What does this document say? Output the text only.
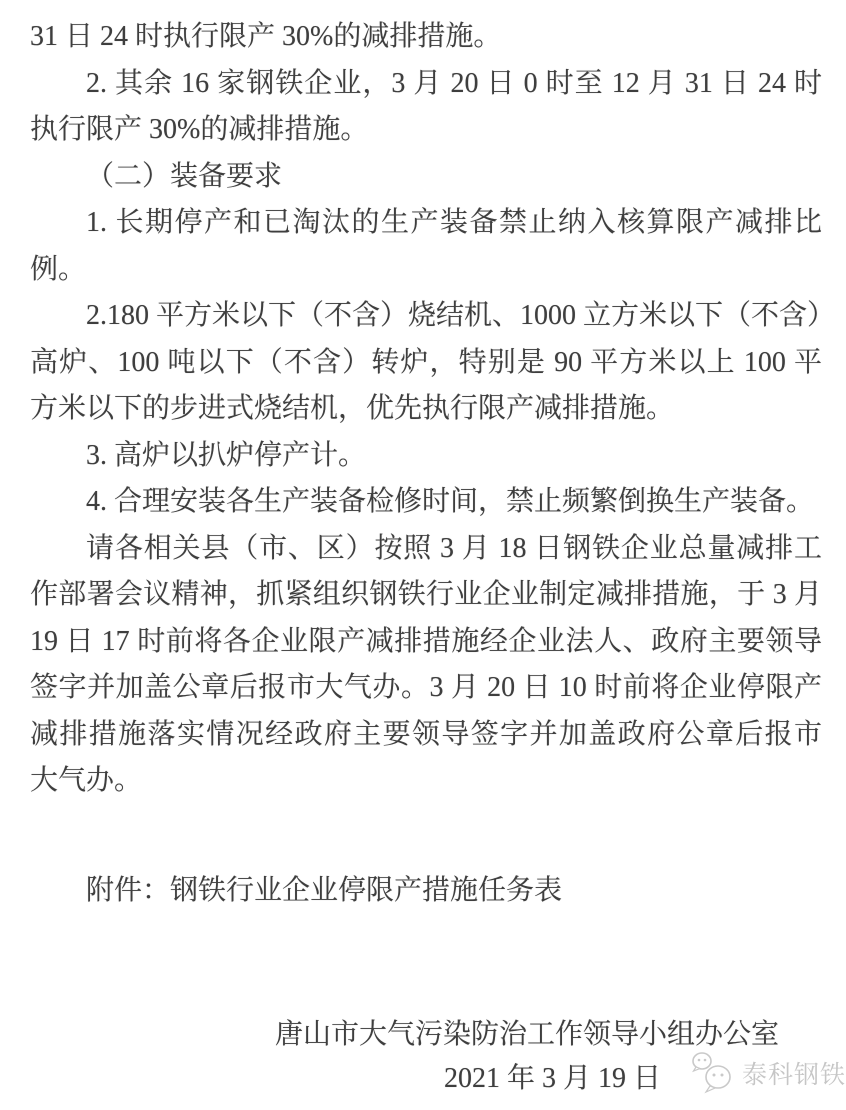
31 日 24 时执行限产 30%的减排措施。
2. 其余 16 家钢铁企业，3 月 20 日 0 时至 12 月 31 日 24 时
执行限产 30%的减排措施。
（二）装备要求
1. 长期停产和已淘汰的生产装备禁止纳入核算限产减排比
例。
2.180 平方米以下（不含）烧结机、1000 立方米以下（不含）
高炉、100 吨以下（不含）转炉，特别是 90 平方米以上 100 平
方米以下的步进式烧结机，优先执行限产减排措施。
3. 高炉以扒炉停产计。
4. 合理安装各生产装备检修时间，禁止频繁倒换生产装备。
请各相关县（市、区）按照 3 月 18 日钢铁企业总量减排工
作部署会议精神，抓紧组织钢铁行业企业制定减排措施，于 3 月
19 日 17 时前将各企业限产减排措施经企业法人、政府主要领导
签字并加盖公章后报市大气办。3 月 20 日 10 时前将企业停限产
减排措施落实情况经政府主要领导签字并加盖政府公章后报市
大气办。
附件：钢铁行业企业停限产措施任务表
唐山市大气污染防治工作领导小组办公室
2021 年 3 月 19 日	泰科钢铁
